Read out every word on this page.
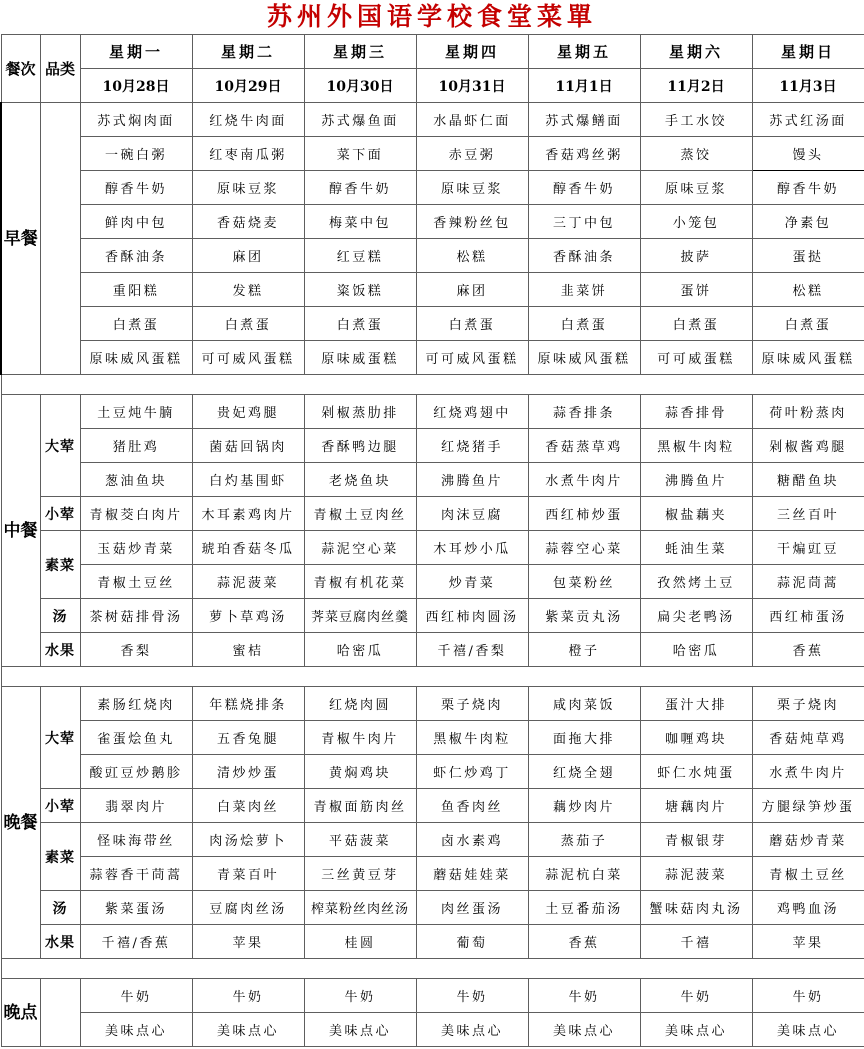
苏州外国语学校食堂菜單
餐次	品类	星期一	星期二	星期三	星期四	星期五	星期六	星期日
		10月28日	10月29日	10月30日	10月31日	11月1日	11月2日	11月3日
早餐		苏式焖肉面	红烧牛肉面	苏式爆鱼面	水晶虾仁面	苏式爆鳝面	手工水饺	苏式红汤面
		一碗白粥	红枣南瓜粥	菜下面	赤豆粥	香菇鸡丝粥	蒸饺	馒头
		醇香牛奶	原味豆浆	醇香牛奶	原味豆浆	醇香牛奶	原味豆浆	醇香牛奶
		鲜肉中包	香菇烧麦	梅菜中包	香辣粉丝包	三丁中包	小笼包	净素包
		香酥油条	麻团	红豆糕	松糕	香酥油条	披萨	蛋挞
		重阳糕	发糕	粢饭糕	麻团	韭菜饼	蛋饼	松糕
		白煮蛋	白煮蛋	白煮蛋	白煮蛋	白煮蛋	白煮蛋	白煮蛋
		原味威风蛋糕	可可威风蛋糕	原味威蛋糕	可可威风蛋糕	原味威风蛋糕	可可威蛋糕	原味威风蛋糕

中餐	大荤	土豆炖牛腩	贵妃鸡腿	剁椒蒸肋排	红烧鸡翅中	蒜香排条	蒜香排骨	荷叶粉蒸肉
		猪肚鸡	菌菇回锅肉	香酥鸭边腿	红烧猪手	香菇蒸草鸡	黑椒牛肉粒	剁椒酱鸡腿
		葱油鱼块	白灼基围虾	老烧鱼块	沸腾鱼片	水煮牛肉片	沸腾鱼片	糖醋鱼块
	小荤	青椒茭白肉片	木耳素鸡肉片	青椒土豆肉丝	肉沫豆腐	西红柿炒蛋	椒盐藕夹	三丝百叶
	素菜	玉菇炒青菜	琥珀香菇冬瓜	蒜泥空心菜	木耳炒小瓜	蒜蓉空心菜	蚝油生菜	干煸豇豆
		青椒土豆丝	蒜泥菠菜	青椒有机花菜	炒青菜	包菜粉丝	孜然烤土豆	蒜泥茼蒿
	汤	茶树菇排骨汤	萝卜草鸡汤	荠菜豆腐肉丝羹	西红柿肉圆汤	紫菜贡丸汤	扁尖老鸭汤	西红柿蛋汤
	水果	香梨	蜜桔	哈密瓜	千禧/香梨	橙子	哈密瓜	香蕉

晚餐	大荤	素肠红烧肉	年糕烧排条	红烧肉圆	栗子烧肉	咸肉菜饭	蛋汁大排	栗子烧肉
		雀蛋烩鱼丸	五香兔腿	青椒牛肉片	黑椒牛肉粒	面拖大排	咖喱鸡块	香菇炖草鸡
		酸豇豆炒鹅胗	清炒炒蛋	黄焖鸡块	虾仁炒鸡丁	红烧全翅	虾仁水炖蛋	水煮牛肉片
	小荤	翡翠肉片	白菜肉丝	青椒面筋肉丝	鱼香肉丝	藕炒肉片	塘藕肉片	方腿绿笋炒蛋
	素菜	怪味海带丝	肉汤烩萝卜	平菇菠菜	卤水素鸡	蒸茄子	青椒银芽	蘑菇炒青菜
		蒜蓉香干茼蒿	青菜百叶	三丝黄豆芽	蘑菇娃娃菜	蒜泥杭白菜	蒜泥菠菜	青椒土豆丝
	汤	紫菜蛋汤	豆腐肉丝汤	榨菜粉丝肉丝汤	肉丝蛋汤	土豆番茄汤	蟹味菇肉丸汤	鸡鸭血汤
	水果	千禧/香蕉	苹果	桂圆	葡萄	香蕉	千禧	苹果

晚点		牛奶	牛奶	牛奶	牛奶	牛奶	牛奶	牛奶
		美味点心	美味点心	美味点心	美味点心	美味点心	美味点心	美味点心
